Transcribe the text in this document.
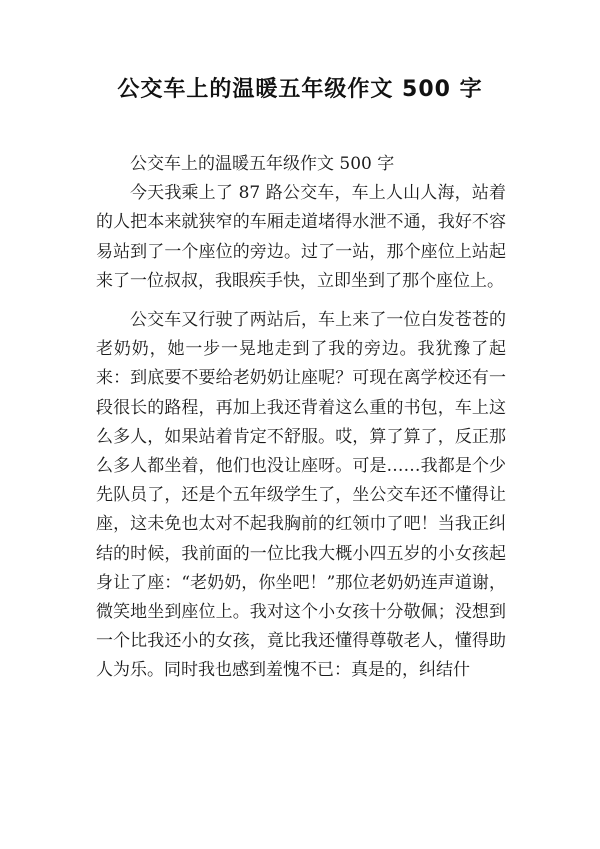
公交车上的温暖五年级作文 500 字

公交车上的温暖五年级作文 500 字

今天我乘上了 87 路公交车，车上人山人海，站着的人把本来就狭窄的车厢走道堵得水泄不通，我好不容易站到了一个座位的旁边。过了一站，那个座位上站起来了一位叔叔，我眼疾手快，立即坐到了那个座位上。

公交车又行驶了两站后，车上来了一位白发苍苍的老奶奶，她一步一晃地走到了我的旁边。我犹豫了起来：到底要不要给老奶奶让座呢？可现在离学校还有一段很长的路程，再加上我还背着这么重的书包，车上这么多人，如果站着肯定不舒服。哎，算了算了，反正那么多人都坐着，他们也没让座呀。可是……我都是个少先队员了，还是个五年级学生了，坐公交车还不懂得让座，这未免也太对不起我胸前的红领巾了吧！当我正纠结的时候，我前面的一位比我大概小四五岁的小女孩起身让了座：“老奶奶，你坐吧！”那位老奶奶连声道谢，微笑地坐到座位上。我对这个小女孩十分敬佩；没想到一个比我还小的女孩，竟比我还懂得尊敬老人，懂得助人为乐。同时我也感到羞愧不已：真是的，纠结什
